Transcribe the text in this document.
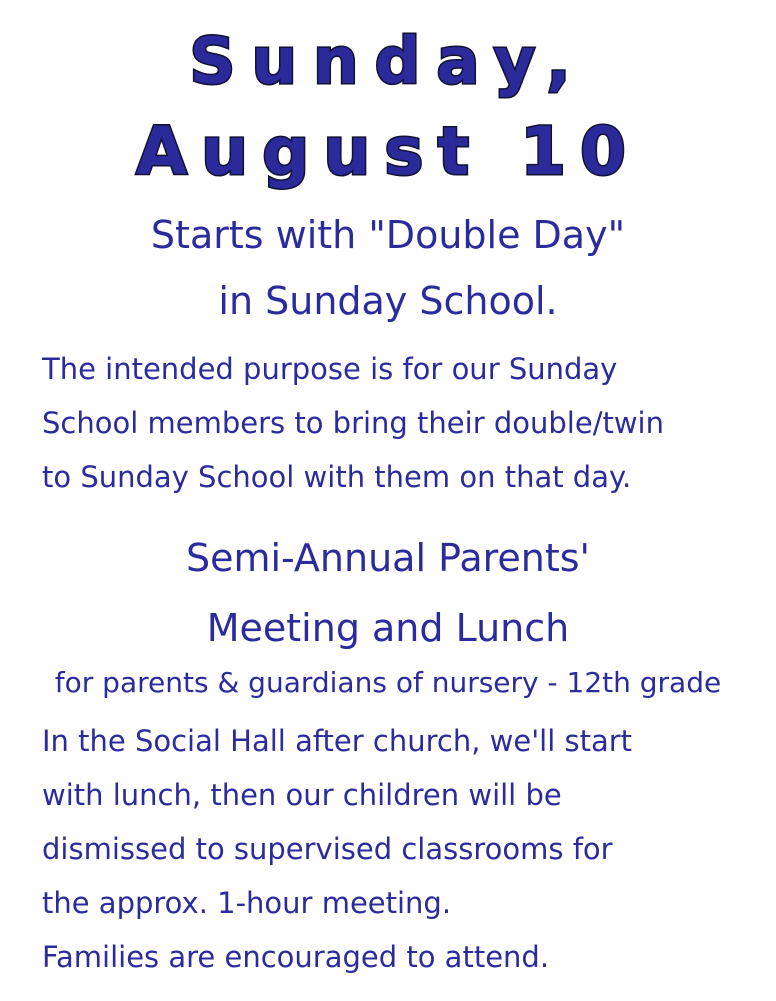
Sunday,
August 10
Starts with "Double Day"
in Sunday School.
The intended purpose is for our Sunday
School members to bring their double/twin
to Sunday School with them on that day.
Semi-Annual Parents'
Meeting and Lunch
for parents & guardians of nursery - 12th grade
In the Social Hall after church, we'll start
with lunch, then our children will be
dismissed to supervised classrooms for
the approx. 1-hour meeting.
Families are encouraged to attend.
